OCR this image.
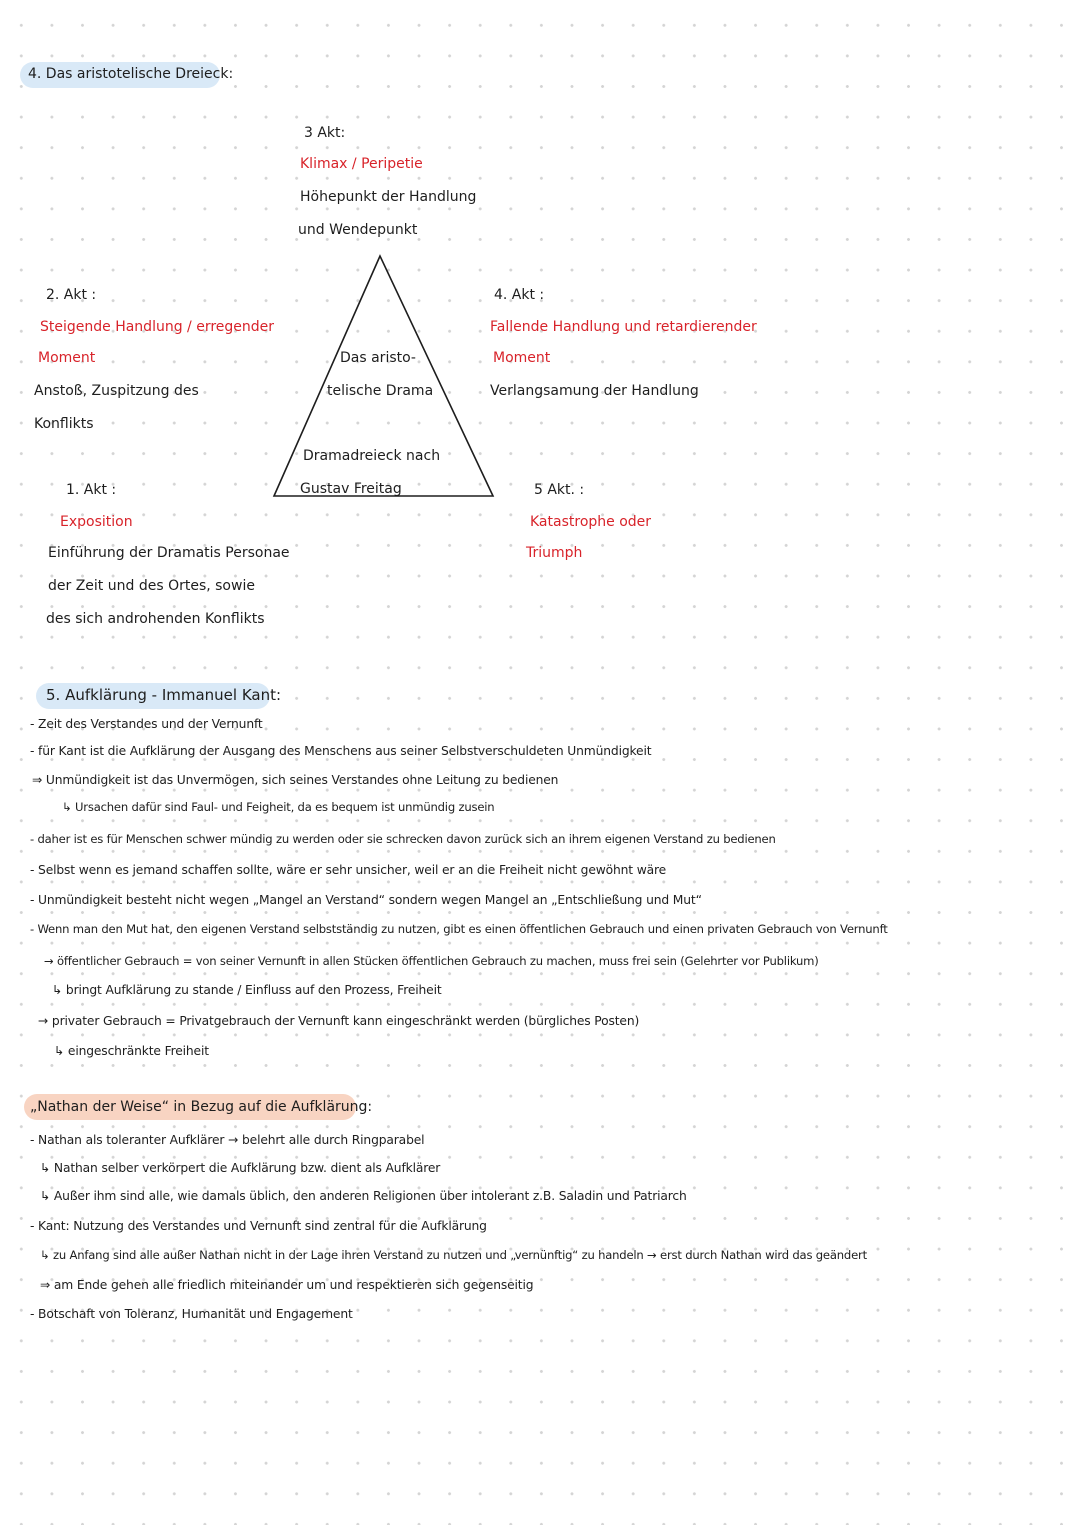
4. Das aristotelische Dreieck:
3 Akt:
Klimax / Peripetie
Höhepunkt der Handlung
und Wendepunkt
2. Akt :
Steigende Handlung / erregender
Moment
Anstoß, Zuspitzung des
Konflikts
4. Akt :
Fallende Handlung und retardierender
Moment
Verlangsamung der Handlung
Das aristo-
telische Drama
Dramadreieck nach
Gustav Freitag
1. Akt :
Exposition
Einführung der Dramatis Personae
der Zeit und des Ortes, sowie
des sich androhenden Konflikts
5 Akt. :
Katastrophe oder
Triumph
5. Aufklärung - Immanuel Kant:
- Zeit des Verstandes und der Vernunft
- für Kant ist die Aufklärung der Ausgang des Menschens aus seiner Selbstverschuldeten Unmündigkeit
⇒ Unmündigkeit ist das Unvermögen, sich seines Verstandes ohne Leitung zu bedienen
↳ Ursachen dafür sind Faul- und Feigheit, da es bequem ist unmündig zusein
- daher ist es für Menschen schwer mündig zu werden oder sie schrecken davon zurück sich an ihrem eigenen Verstand zu bedienen
- Selbst wenn es jemand schaffen sollte, wäre er sehr unsicher, weil er an die Freiheit nicht gewöhnt wäre
- Unmündigkeit besteht nicht wegen „Mangel an Verstand“ sondern wegen Mangel an „Entschließung und Mut“
- Wenn man den Mut hat, den eigenen Verstand selbstständig zu nutzen, gibt es einen öffentlichen Gebrauch und einen privaten Gebrauch von Vernunft
→ öffentlicher Gebrauch = von seiner Vernunft in allen Stücken öffentlichen Gebrauch zu machen, muss frei sein (Gelehrter vor Publikum)
↳ bringt Aufklärung zu stande / Einfluss auf den Prozess, Freiheit
→ privater Gebrauch = Privatgebrauch der Vernunft kann eingeschränkt werden (bürgliches Posten)
↳ eingeschränkte Freiheit
„Nathan der Weise“ in Bezug auf die Aufklärung:
- Nathan als toleranter Aufklärer → belehrt alle durch Ringparabel
↳ Nathan selber verkörpert die Aufklärung bzw. dient als Aufklärer
↳ Außer ihm sind alle, wie damals üblich, den anderen Religionen über intolerant z.B. Saladin und Patriarch
- Kant: Nutzung des Verstandes und Vernunft sind zentral für die Aufklärung
↳ zu Anfang sind alle außer Nathan nicht in der Lage ihren Verstand zu nutzen und „vernünftig“ zu handeln → erst durch Nathan wird das geändert
⇒ am Ende gehen alle friedlich miteinander um und respektieren sich gegenseitig
- Botschaft von Toleranz, Humanität und Engagement
